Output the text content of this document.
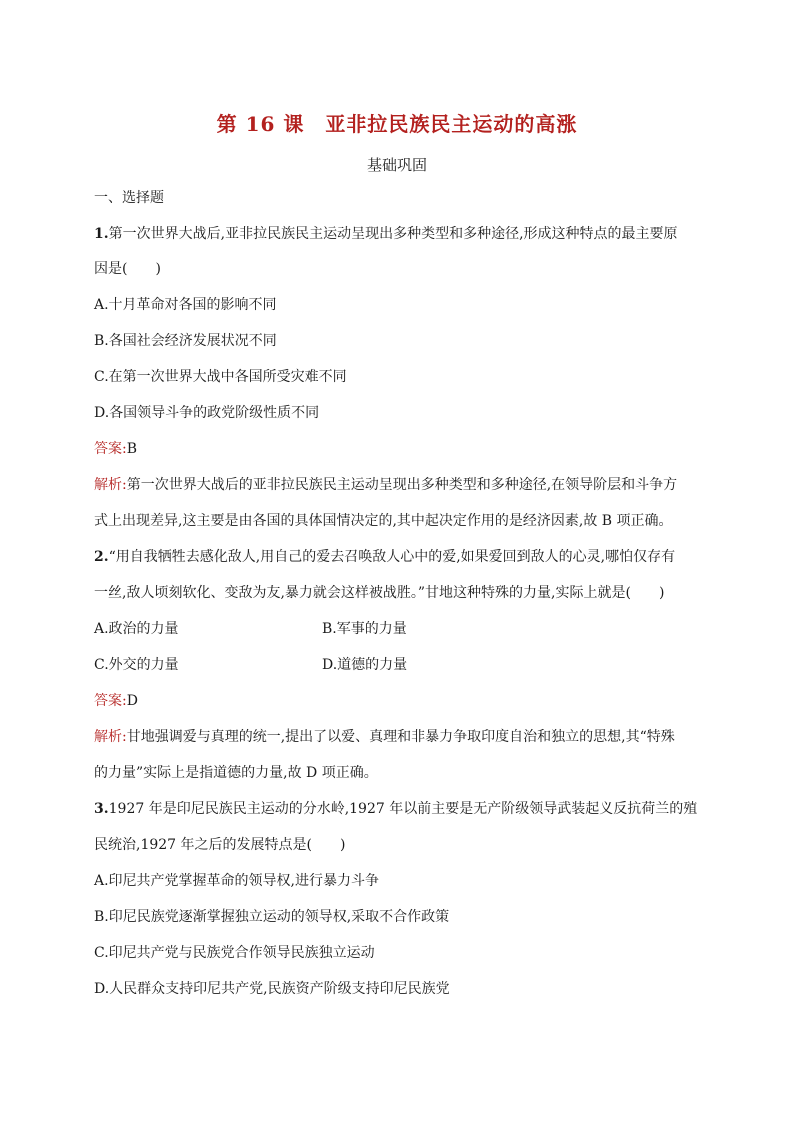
第 16 课　亚非拉民族民主运动的高涨
基础巩固
一、选择题
1.第一次世界大战后,亚非拉民族民主运动呈现出多种类型和多种途径,形成这种特点的最主要原
因是(　　)
A.十月革命对各国的影响不同
B.各国社会经济发展状况不同
C.在第一次世界大战中各国所受灾难不同
D.各国领导斗争的政党阶级性质不同
答案:B
解析:第一次世界大战后的亚非拉民族民主运动呈现出多种类型和多种途径,在领导阶层和斗争方
式上出现差异,这主要是由各国的具体国情决定的,其中起决定作用的是经济因素,故 B 项正确。
2.“用自我牺牲去感化敌人,用自己的爱去召唤敌人心中的爱,如果爱回到敌人的心灵,哪怕仅存有
一丝,敌人顷刻软化、变敌为友,暴力就会这样被战胜。”甘地这种特殊的力量,实际上就是(　　)
A.政治的力量	B.军事的力量
C.外交的力量	D.道德的力量
答案:D
解析:甘地强调爱与真理的统一,提出了以爱、真理和非暴力争取印度自治和独立的思想,其“特殊
的力量”实际上是指道德的力量,故 D 项正确。
3.1927 年是印尼民族民主运动的分水岭,1927 年以前主要是无产阶级领导武装起义反抗荷兰的殖
民统治,1927 年之后的发展特点是(　　)
A.印尼共产党掌握革命的领导权,进行暴力斗争
B.印尼民族党逐渐掌握独立运动的领导权,采取不合作政策
C.印尼共产党与民族党合作领导民族独立运动
D.人民群众支持印尼共产党,民族资产阶级支持印尼民族党
